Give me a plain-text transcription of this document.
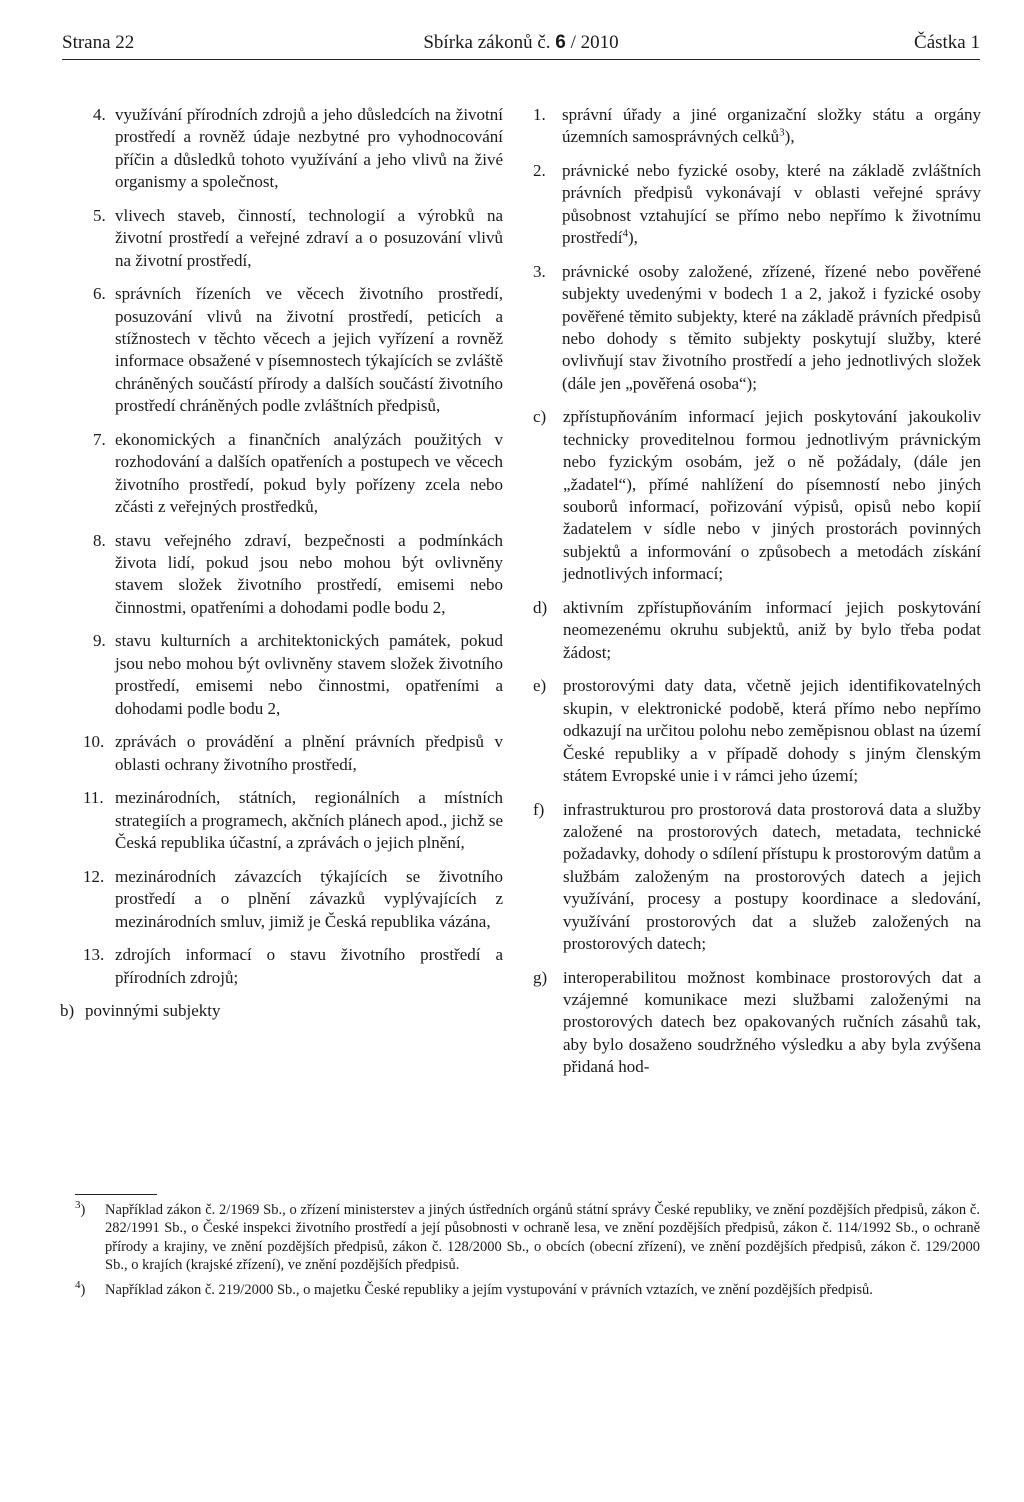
Strana 22	Sbírka zákonů č. 6 / 2010	Částka 1
4. využívání přírodních zdrojů a jeho důsledcích na životní prostředí a rovněž údaje nezbytné pro vyhodnocování příčin a důsledků tohoto využívání a jeho vlivů na živé organismy a společnost,
5. vlivech staveb, činností, technologií a výrobků na životní prostředí a veřejné zdraví a o posuzování vlivů na životní prostředí,
6. správních řízeních ve věcech životního prostředí, posuzování vlivů na životní prostředí, peticích a stížnostech v těchto věcech a jejich vyřízení a rovněž informace obsažené v písemnostech týkajících se zvláště chráněných součástí přírody a dalších součástí životního prostředí chráněných podle zvláštních předpisů,
7. ekonomických a finančních analýzách použitých v rozhodování a dalších opatřeních a postupech ve věcech životního prostředí, pokud byly pořízeny zcela nebo zčásti z veřejných prostředků,
8. stavu veřejného zdraví, bezpečnosti a podmínkách života lidí, pokud jsou nebo mohou být ovlivněny stavem složek životního prostředí, emisemi nebo činnostmi, opatřeními a dohodami podle bodu 2,
9. stavu kulturních a architektonických památek, pokud jsou nebo mohou být ovlivněny stavem složek životního prostředí, emisemi nebo činnostmi, opatřeními a dohodami podle bodu 2,
10. zprávách o provádění a plnění právních předpisů v oblasti ochrany životního prostředí,
11. mezinárodních, státních, regionálních a místních strategiích a programech, akčních plánech apod., jichž se Česká republika účastní, a zprávách o jejich plnění,
12. mezinárodních závazcích týkajících se životního prostředí a o plnění závazků vyplývajících z mezinárodních smluv, jimiž je Česká republika vázána,
13. zdrojích informací o stavu životního prostředí a přírodních zdrojů;
b) povinnými subjekty
1. správní úřady a jiné organizační složky státu a orgány územních samosprávných celků$^3$),
2. právnické nebo fyzické osoby, které na základě zvláštních právních předpisů vykonávají v oblasti veřejné správy působnost vztahující se přímo nebo nepřímo k životnímu prostředí$^4$),
3. právnické osoby založené, zřízené, řízené nebo pověřené subjekty uvedenými v bodech 1 a 2, jakož i fyzické osoby pověřené těmito subjekty, které na základě právních předpisů nebo dohody s těmito subjekty poskytují služby, které ovlivňují stav životního prostředí a jeho jednotlivých složek (dále jen „pověřená osoba“);
c) zpřístupňováním informací jejich poskytování jakoukoliv technicky proveditelnou formou jednotlivým právnickým nebo fyzickým osobám, jež o ně požádaly, (dále jen „žadatel“), přímé nahlížení do písemností nebo jiných souborů informací, pořizování výpisů, opisů nebo kopií žadatelem v sídle nebo v jiných prostorách povinných subjektů a informování o způsobech a metodách získání jednotlivých informací;
d) aktivním zpřístupňováním informací jejich poskytování neomezenému okruhu subjektů, aniž by bylo třeba podat žádost;
e) prostorovými daty data, včetně jejich identifikovatelných skupin, v elektronické podobě, která přímo nebo nepřímo odkazují na určitou polohu nebo zeměpisnou oblast na území České republiky a v případě dohody s jiným členským státem Evropské unie i v rámci jeho území;
f) infrastrukturou pro prostorová data prostorová data a služby založené na prostorových datech, metadata, technické požadavky, dohody o sdílení přístupu k prostorovým datům a službám založeným na prostorových datech a jejich využívání, procesy a postupy koordinace a sledování, využívání prostorových dat a služeb založených na prostorových datech;
g) interoperabilitou možnost kombinace prostorových dat a vzájemné komunikace mezi službami založenými na prostorových datech bez opakovaných ručních zásahů tak, aby bylo dosaženo soudržného výsledku a aby byla zvýšena přidaná hod-
$^3$) Například zákon č. 2/1969 Sb., o zřízení ministerstev a jiných ústředních orgánů státní správy České republiky, ve znění pozdějších předpisů, zákon č. 282/1991 Sb., o České inspekci životního prostředí a její působnosti v ochraně lesa, ve znění pozdějších předpisů, zákon č. 114/1992 Sb., o ochraně přírody a krajiny, ve znění pozdějších předpisů, zákon č. 128/2000 Sb., o obcích (obecní zřízení), ve znění pozdějších předpisů, zákon č. 129/2000 Sb., o krajích (krajské zřízení), ve znění pozdějších předpisů.
$^4$) Například zákon č. 219/2000 Sb., o majetku České republiky a jejím vystupování v právních vztazích, ve znění pozdějších předpisů.
